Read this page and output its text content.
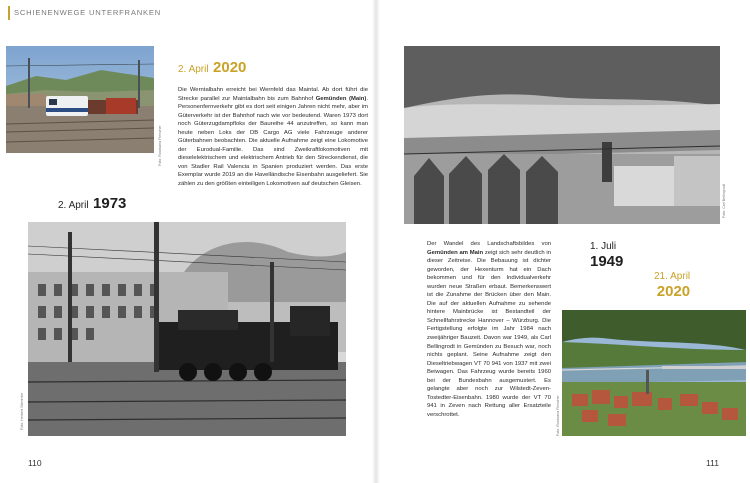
SCHIENENWEGE UNTERFRANKEN
Foto: Rocksana Fleischer
2. April 2020
Die Werntalbahn erreicht bei Wernfeld das Maintal. Ab dort führt die Strecke parallel zur Maintalbahn bis zum Bahnhof Gemünden (Main). Personenfernverkehr gibt es dort seit einigen Jahren nicht mehr, aber im Güterverkehr ist der Bahnhof nach wie vor bedeutend. Waren 1973 dort noch Güterzugdampfloks der Baureihe 44 anzutreffen, so kann man heute neben Loks der DB Cargo AG viele Fahrzeuge anderer Güterbahnen beobachten. Die aktuelle Aufnahme zeigt eine Lokomotive der Eurodual-Familie. Das sind Zweikraftlokomotiven mit dieselelektrischem und elektrischem Antrieb für den Streckendienst, die von Stadler Rail Valencia in Spanien produziert werden. Das erste Exemplar wurde 2019 an die Havelländische Eisenbahn ausgeliefert. Sie zählen zu den größten einteiligen Lokomotiven auf deutschen Gleisen.
2. April 1973
Foto: Herbert Stemmler
Foto: Carl Bellingrodt
Der Wandel des Landschaftsbildes von Gemünden am Main zeigt sich sehr deutlich in dieser Zeitreise. Die Bebauung ist dichter geworden, der Hexenturm hat ein Dach bekommen und für den Individualverkehr wurden neue Straßen erbaut. Bemerkenswert ist die Zunahme der Brücken über den Main. Die auf der aktuellen Aufnahme zu sehende hintere Mainbrücke ist Bestandteil der Schnellfahrstrecke Hannover – Würzburg. Die Fertigstellung erfolgte im Jahr 1984 nach zweijähriger Bauzeit. Davon war 1949, als Carl Bellingrodt in Gemünden zu Besuch war, noch nichts geplant. Seine Aufnahme zeigt den Dieseltriebwagen VT 70 941 von 1937 mit zwei Beiwagen. Das Fahrzeug wurde bereits 1960 bei der Bundesbahn ausgemustert. Es gelangte aber noch zur Wilstedt-Zeven-Tostedter-Eisenbahn. 1980 wurde der VT 70 941 in Zeven nach Rettung aller Ersatzteile verschrottet.
1. Juli
1949
21. April
2020
Foto: Rocksana Fleischer
110	111
